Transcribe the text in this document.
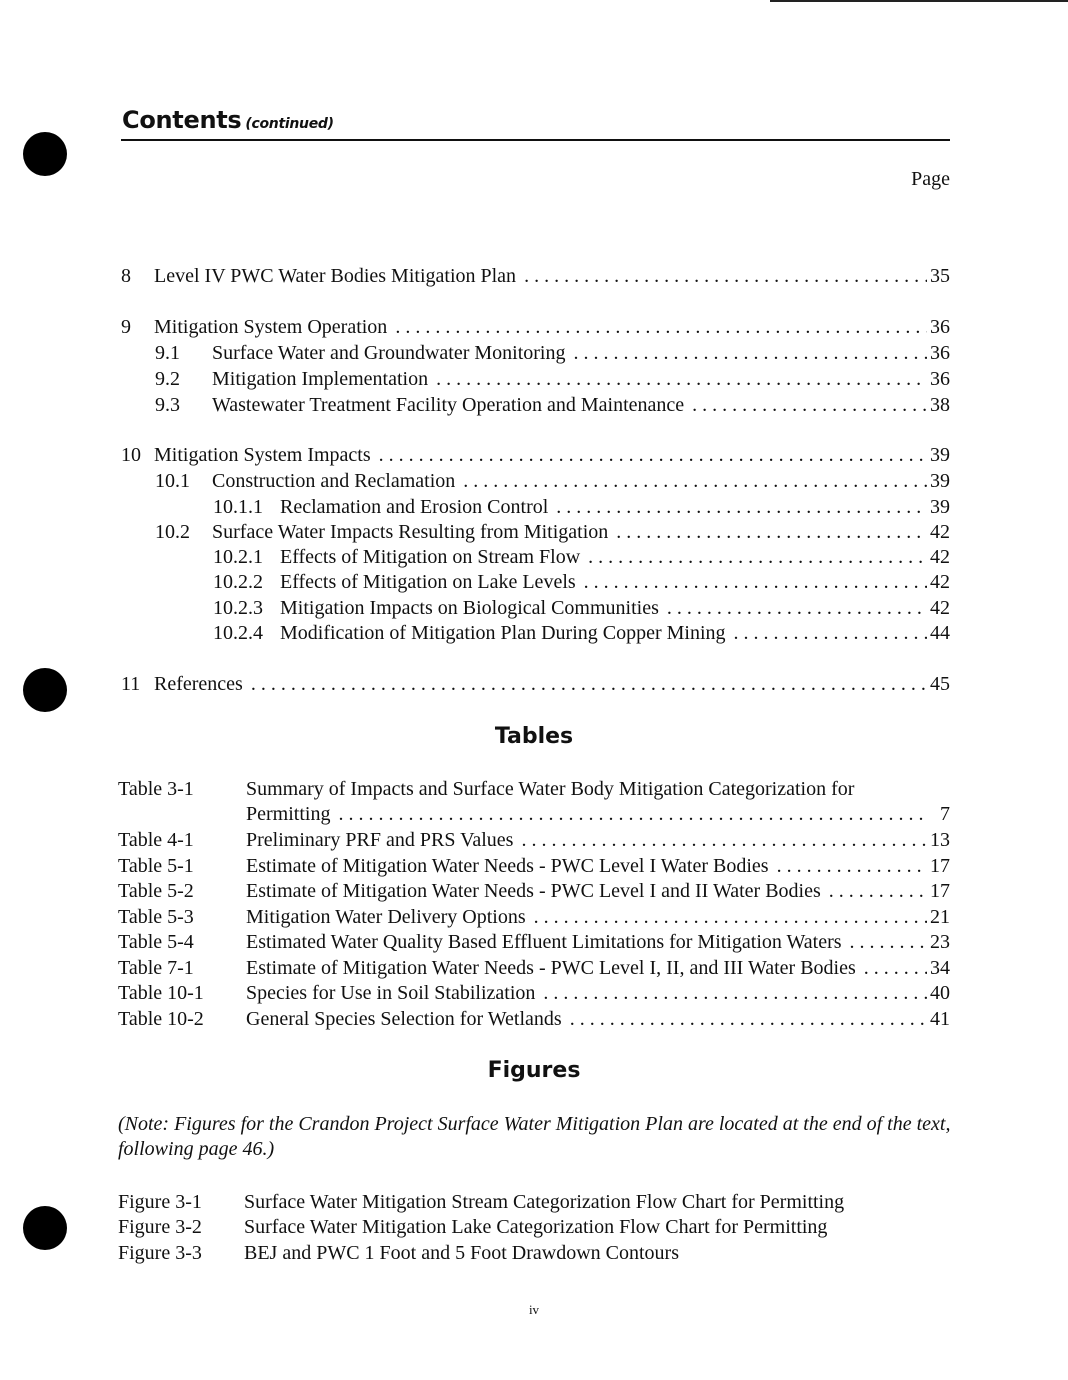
Contents (continued)
Page
8	Level IV PWC Water Bodies Mitigation Plan . . .	35
9	Mitigation System Operation . . .	36
9.1	Surface Water and Groundwater Monitoring . . .	36
9.2	Mitigation Implementation . . .	36
9.3	Wastewater Treatment Facility Operation and Maintenance . . .	38
10 Mitigation System Impacts . . .	39
10.1	Construction and Reclamation . . .	39
10.1.1 Reclamation and Erosion Control . . .	39
10.2	Surface Water Impacts Resulting from Mitigation . . .	42
10.2.1 Effects of Mitigation on Stream Flow . . .	42
10.2.2 Effects of Mitigation on Lake Levels . . .	42
10.2.3 Mitigation Impacts on Biological Communities . . .	42
10.2.4 Modification of Mitigation Plan During Copper Mining . . .	44
11 References . . .	45
Tables
Table 3-1	Summary of Impacts and Surface Water Body Mitigation Categorization for
Permitting . . .	7
Table 4-1	Preliminary PRF and PRS Values . . .	13
Table 5-1	Estimate of Mitigation Water Needs - PWC Level I Water Bodies . . .	17
Table 5-2	Estimate of Mitigation Water Needs - PWC Level I and II Water Bodies . . .	17
Table 5-3	Mitigation Water Delivery Options . . .	21
Table 5-4	Estimated Water Quality Based Effluent Limitations for Mitigation Waters . . .	23
Table 7-1	Estimate of Mitigation Water Needs - PWC Level I, II, and III Water Bodies . . .	34
Table 10-1	Species for Use in Soil Stabilization . . .	40
Table 10-2	General Species Selection for Wetlands . . .	41
Figures
(Note: Figures for the Crandon Project Surface Water Mitigation Plan are located at the end of the text, following page 46.)
Figure 3-1 Surface Water Mitigation Stream Categorization Flow Chart for Permitting
Figure 3-2 Surface Water Mitigation Lake Categorization Flow Chart for Permitting
Figure 3-3 BEJ and PWC 1 Foot and 5 Foot Drawdown Contours
iv
